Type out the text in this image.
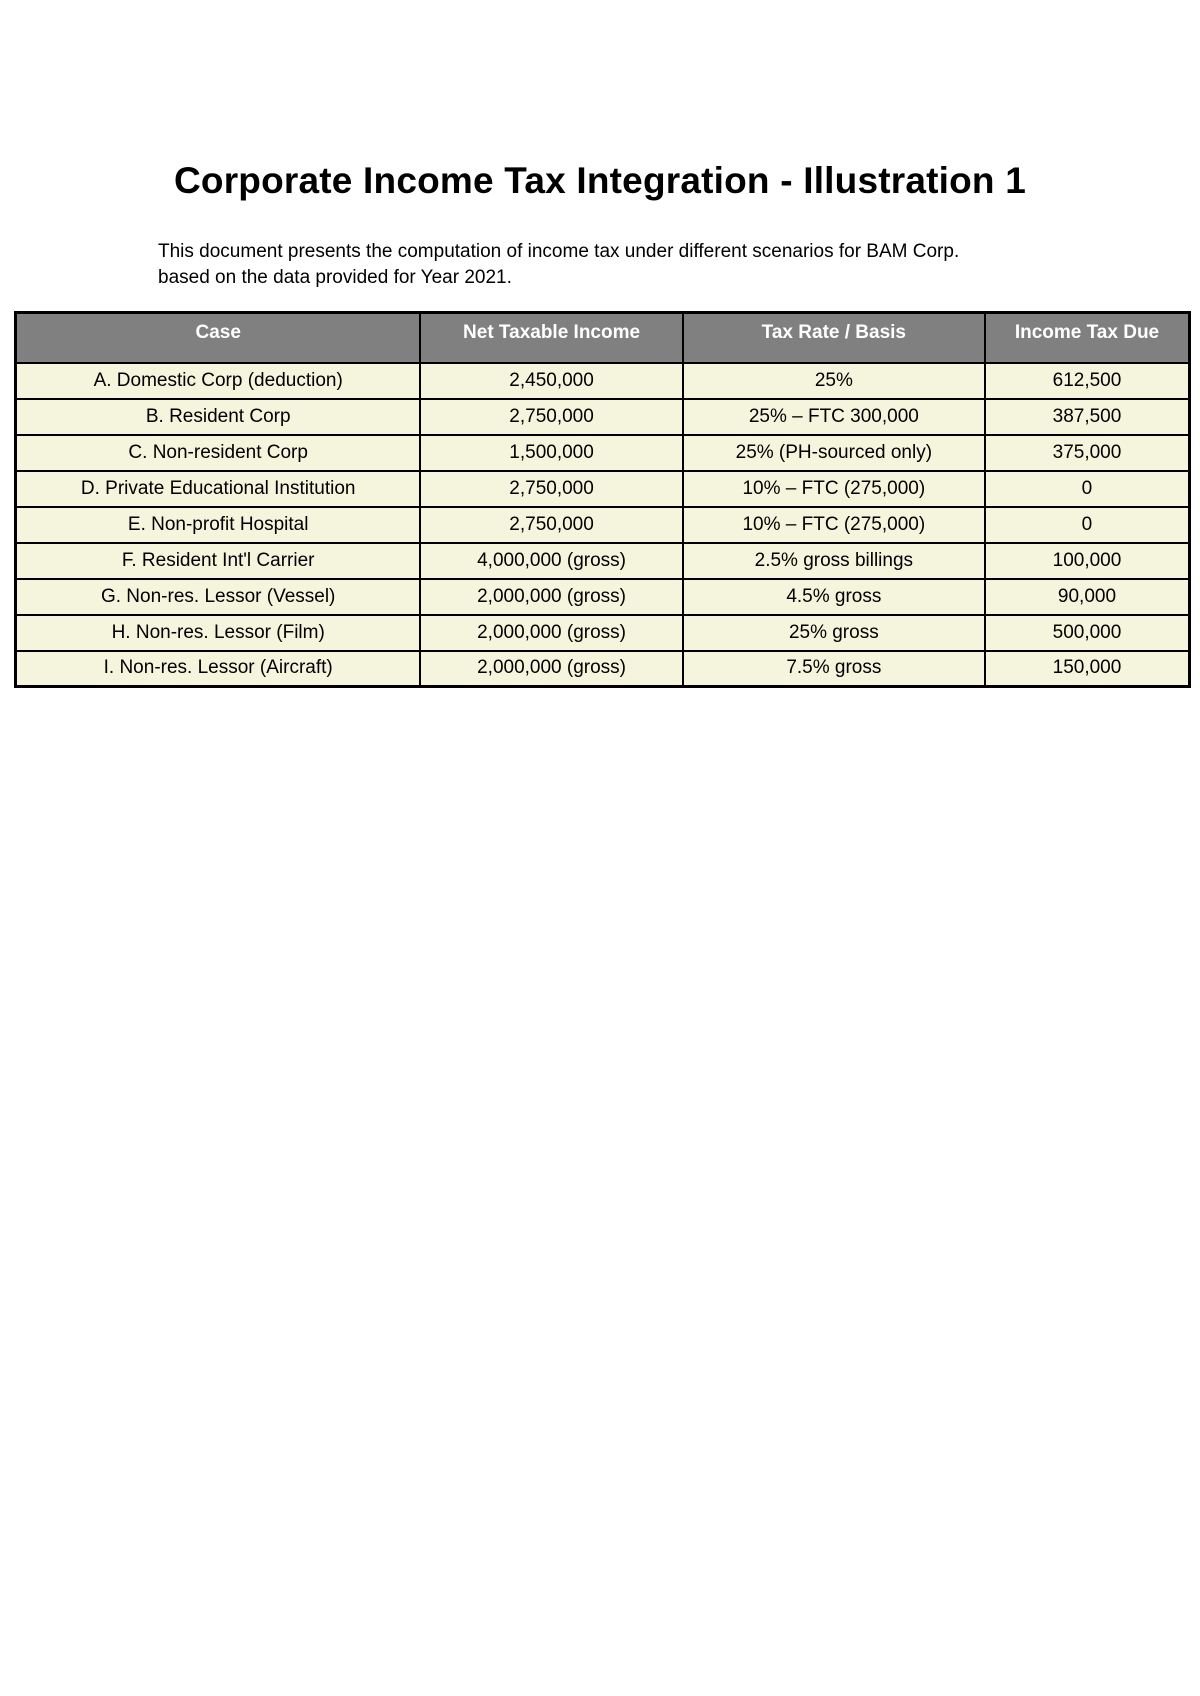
Corporate Income Tax Integration - Illustration 1

This document presents the computation of income tax under different scenarios for BAM Corp.

based on the data provided for Year 2021.

Case	Net Taxable Income	Tax Rate / Basis	Income Tax Due
A. Domestic Corp (deduction)	2,450,000	25%	612,500
B. Resident Corp	2,750,000	25% – FTC 300,000	387,500
C. Non-resident Corp	1,500,000	25% (PH-sourced only)	375,000
D. Private Educational Institution	2,750,000	10% – FTC (275,000)	0
E. Non-profit Hospital	2,750,000	10% – FTC (275,000)	0
F. Resident Int'l Carrier	4,000,000 (gross)	2.5% gross billings	100,000
G. Non-res. Lessor (Vessel)	2,000,000 (gross)	4.5% gross	90,000
H. Non-res. Lessor (Film)	2,000,000 (gross)	25% gross	500,000
I. Non-res. Lessor (Aircraft)	2,000,000 (gross)	7.5% gross	150,000
